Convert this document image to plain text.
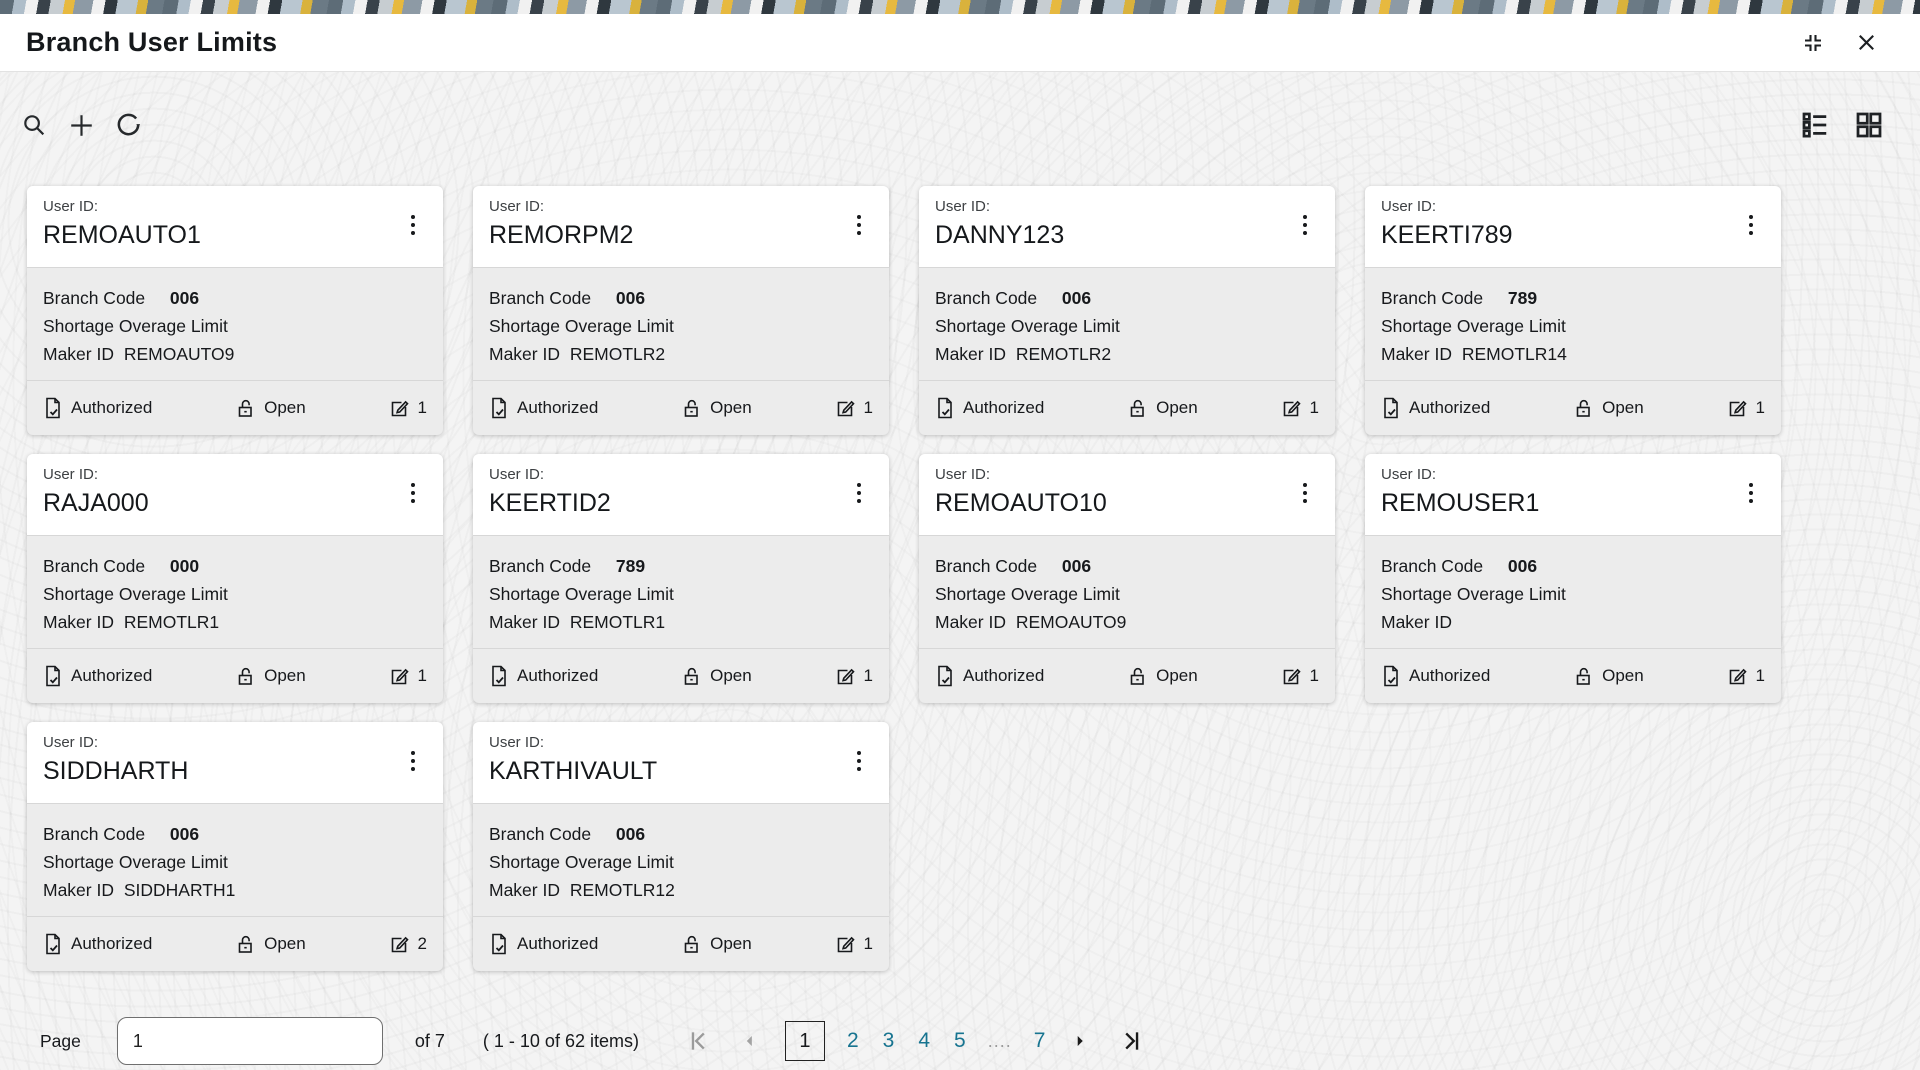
Branch User Limits
User ID:
REMOAUTO1
Branch Code 006
Shortage Overage Limit
Maker ID REMOAUTO9
Authorized	Open	1
User ID:
REMORPM2
Branch Code 006
Shortage Overage Limit
Maker ID REMOTLR2
Authorized	Open	1
User ID:
DANNY123
Branch Code 006
Shortage Overage Limit
Maker ID REMOTLR2
Authorized	Open	1
User ID:
KEERTI789
Branch Code 789
Shortage Overage Limit
Maker ID REMOTLR14
Authorized	Open	1
User ID:
RAJA000
Branch Code 000
Shortage Overage Limit
Maker ID REMOTLR1
Authorized	Open	1
User ID:
KEERTID2
Branch Code 789
Shortage Overage Limit
Maker ID REMOTLR1
Authorized	Open	1
User ID:
REMOAUTO10
Branch Code 006
Shortage Overage Limit
Maker ID REMOAUTO9
Authorized	Open	1
User ID:
REMOUSER1
Branch Code 006
Shortage Overage Limit
Maker ID
Authorized	Open	1
User ID:
SIDDHARTH
Branch Code 006
Shortage Overage Limit
Maker ID SIDDHARTH1
Authorized	Open	2
User ID:
KARTHIVAULT
Branch Code 006
Shortage Overage Limit
Maker ID REMOTLR12
Authorized	Open	1
Page
1	of 7 ( 1 - 10 of 62 items)	1	2 3 4 5 .... 7
